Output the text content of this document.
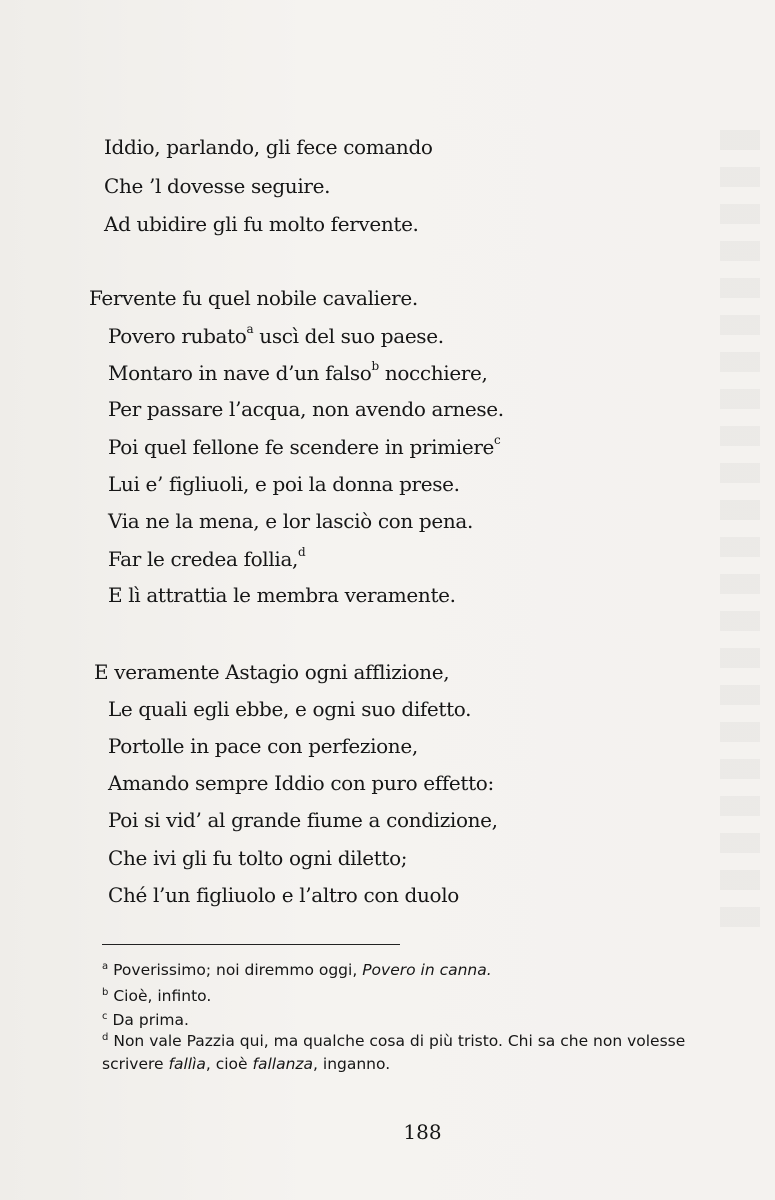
Iddio, parlando, gli fece comando
Che ’l dovesse seguire.
Ad ubidire gli fu molto fervente.
Fervente fu quel nobile cavaliere.
Povero rubato$^a$ uscì del suo paese.
Montaro in nave d’un falso$^b$ nocchiere,
Per passare l’acqua, non avendo arnese.
Poi quel fellone fe scendere in primiere$^c$
Lui e’ figliuoli, e poi la donna prese.
Via ne la mena, e lor lasciò con pena.
Far le credea follia,$^d$
E lì attrattia le membra veramente.
E veramente Astagio ogni afflizione,
Le quali egli ebbe, e ogni suo difetto.
Portolle in pace con perfezione,
Amando sempre Iddio con puro effetto:
Poi si vid’ al grande fiume a condizione,
Che ivi gli fu tolto ogni diletto;
Ché l’un figliuolo e l’altro con duolo
$^a$ Poverissimo; noi diremmo oggi, Povero in canna.
$^b$ Cioè, infinto.
$^c$ Da prima.
$^d$ Non vale Pazzia qui, ma qualche cosa di più tristo. Chi sa che non volesse
scrivere fallìa, cioè fallanza, inganno.
188
